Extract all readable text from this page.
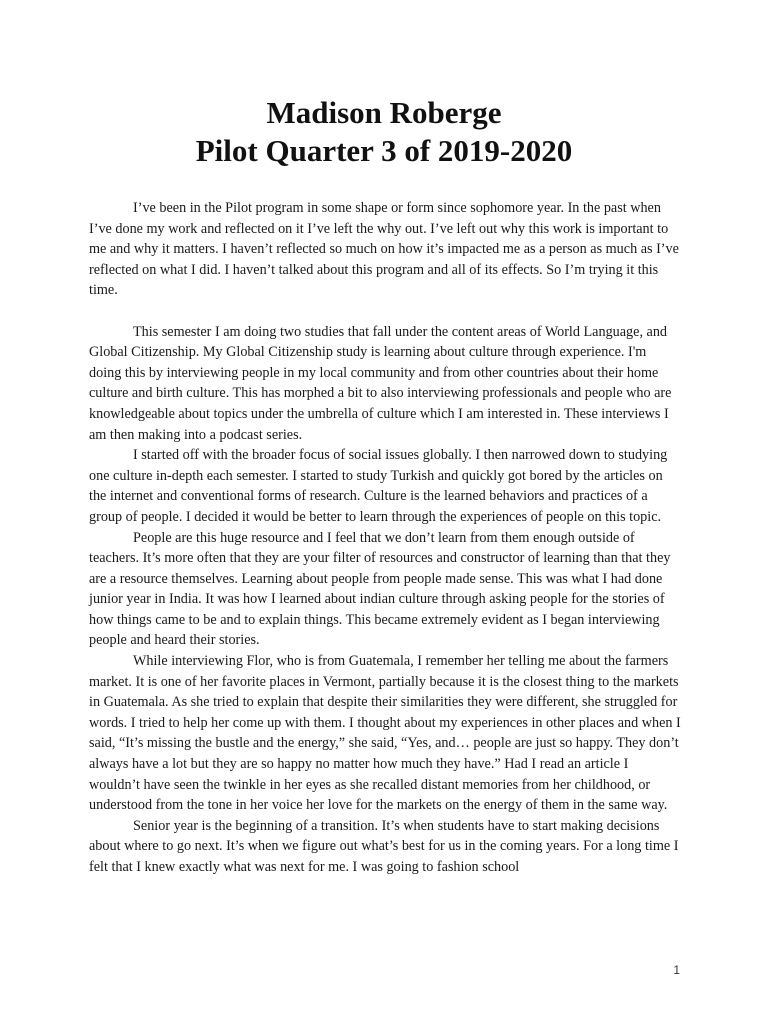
Madison Roberge
Pilot Quarter 3 of 2019-2020

I’ve been in the Pilot program in some shape or form since sophomore year. In the past when I’ve done my work and reflected on it I’ve left the why out. I’ve left out why this work is important to me and why it matters. I haven’t reflected so much on how it’s impacted me as a person as much as I’ve reflected on what I did. I haven’t talked about this program and all of its effects. So I’m trying it this time.

This semester I am doing two studies that fall under the content areas of World Language, and Global Citizenship. My Global Citizenship study is learning about culture through experience. I'm doing this by interviewing people in my local community and from other countries about their home culture and birth culture. This has morphed a bit to also interviewing professionals and people who are knowledgeable about topics under the umbrella of culture which I am interested in. These interviews I am then making into a podcast series.

I started off with the broader focus of social issues globally. I then narrowed down to studying one culture in-depth each semester. I started to study Turkish and quickly got bored by the articles on the internet and conventional forms of research. Culture is the learned behaviors and practices of a group of people. I decided it would be better to learn through the experiences of people on this topic.

People are this huge resource and I feel that we don’t learn from them enough outside of teachers. It’s more often that they are your filter of resources and constructor of learning than that they are a resource themselves. Learning about people from people made sense. This was what I had done junior year in India. It was how I learned about indian culture through asking people for the stories of how things came to be and to explain things. This became extremely evident as I began interviewing people and heard their stories.

While interviewing Flor, who is from Guatemala, I remember her telling me about the farmers market. It is one of her favorite places in Vermont, partially because it is the closest thing to the markets in Guatemala. As she tried to explain that despite their similarities they were different, she struggled for words. I tried to help her come up with them. I thought about my experiences in other places and when I said, “It’s missing the bustle and the energy,” she said, “Yes, and… people are just so happy. They don’t always have a lot but they are so happy no matter how much they have.” Had I read an article I wouldn’t have seen the twinkle in her eyes as she recalled distant memories from her childhood, or understood from the tone in her voice her love for the markets on the energy of them in the same way.

Senior year is the beginning of a transition. It’s when students have to start making decisions about where to go next. It’s when we figure out what’s best for us in the coming years. For a long time I felt that I knew exactly what was next for me. I was going to fashion school

1
